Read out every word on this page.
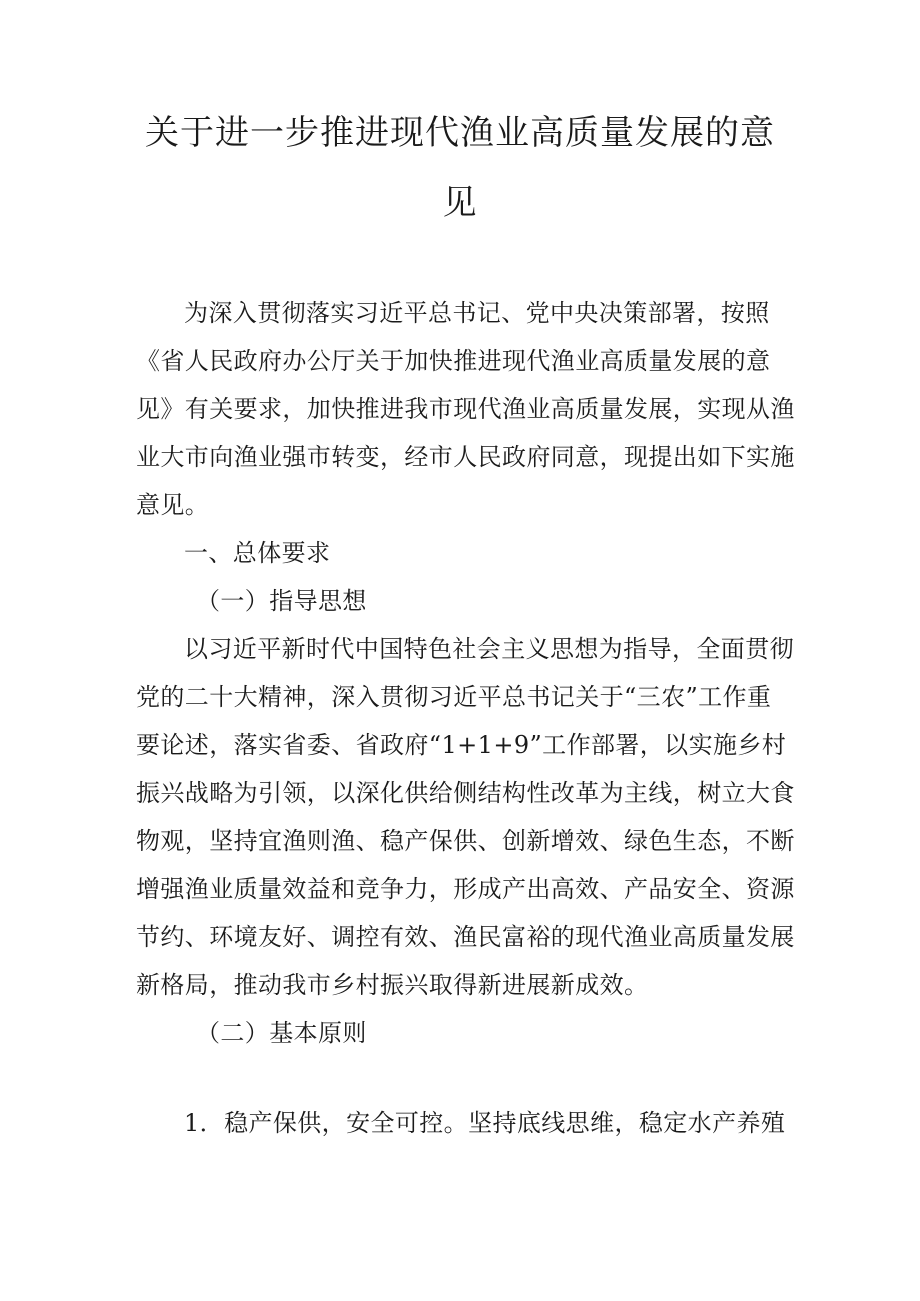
关于进一步推进现代渔业高质量发展的意
见

为深入贯彻落实习近平总书记、党中央决策部署，按照

《省人民政府办公厅关于加快推进现代渔业高质量发展的意

见》有关要求，加快推进我市现代渔业高质量发展，实现从渔

业大市向渔业强市转变，经市人民政府同意，现提出如下实施

意见。

一、总体要求

（一）指导思想

以习近平新时代中国特色社会主义思想为指导，全面贯彻

党的二十大精神，深入贯彻习近平总书记关于“三农”工作重

要论述，落实省委、省政府“1+1+9”工作部署，以实施乡村

振兴战略为引领，以深化供给侧结构性改革为主线，树立大食

物观，坚持宜渔则渔、稳产保供、创新增效、绿色生态，不断

增强渔业质量效益和竞争力，形成产出高效、产品安全、资源

节约、环境友好、调控有效、渔民富裕的现代渔业高质量发展

新格局，推动我市乡村振兴取得新进展新成效。

（二）基本原则

1．稳产保供，安全可控。坚持底线思维，稳定水产养殖
